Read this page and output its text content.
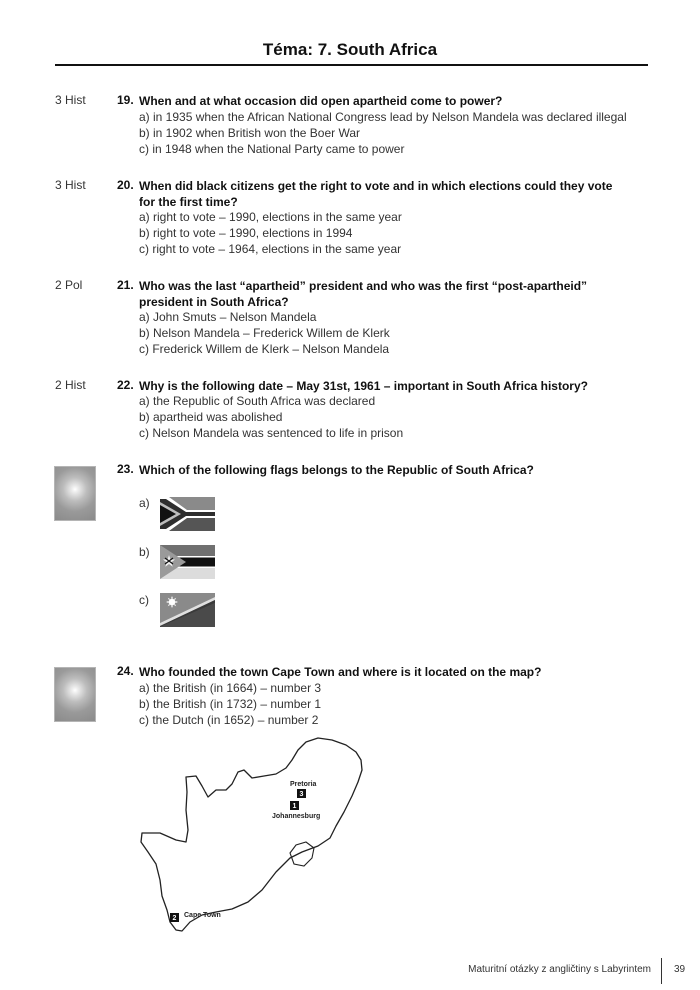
Téma: 7. South Africa
3 Hist	19. When and at what occasion did open apartheid come to power?
a) in 1935 when the African National Congress lead by Nelson Mandela was declared illegal
b) in 1902 when British won the Boer War
c) in 1948 when the National Party came to power
3 Hist	20. When did black citizens get the right to vote and in which elections could they vote for the first time?
a) right to vote – 1990, elections in the same year
b) right to vote – 1990, elections in 1994
c) right to vote – 1964, elections in the same year
2 Pol	21. Who was the last “apartheid” president and who was the first “post-apartheid” president in South Africa?
a) John Smuts – Nelson Mandela
b) Nelson Mandela – Frederick Willem de Klerk
c) Frederick Willem de Klerk – Nelson Mandela
2 Hist	22. Why is the following date – May 31st, 1961 – important in South Africa history?
a) the Republic of South Africa was declared
b) apartheid was abolished
c) Nelson Mandela was sentenced to life in prison
23. Which of the following flags belongs to the Republic of South Africa?
a)
b)
c)
24. Who founded the town Cape Town and where is it located on the map?
a) the British (in 1664) – number 3
b) the British (in 1732) – number 1
c) the Dutch (in 1652) – number 2
Pretoria
3
1
Johannesburg
Cape Town
2
Maturitní otázky z angličtiny s Labyrintem 39
